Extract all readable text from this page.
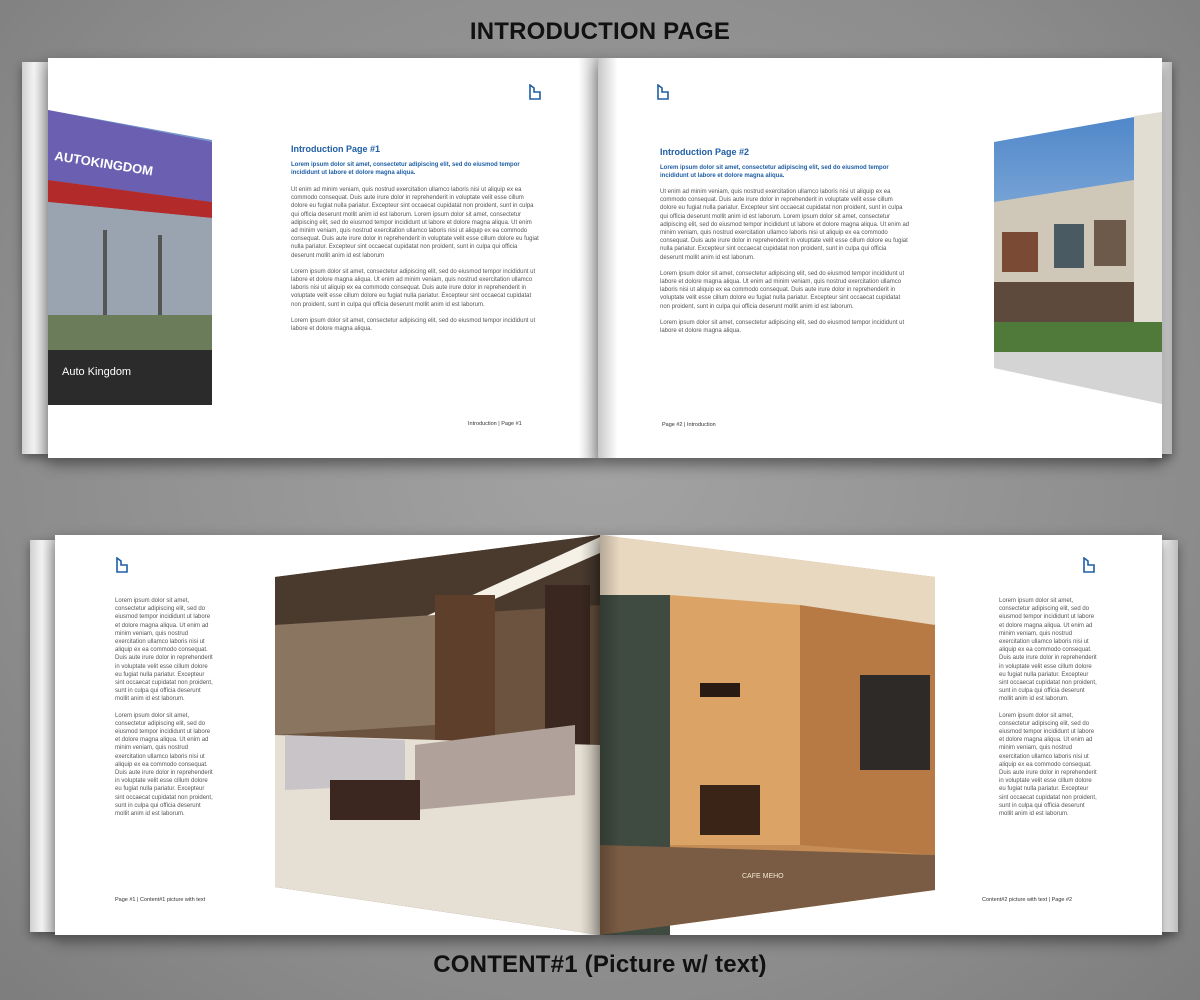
INTRODUCTION PAGE
CONTENT#1 (Picture w/ text)
AUTOKINGDOM
Auto Kingdom
Introduction Page #1
Lorem ipsum dolor sit amet, consectetur adipiscing elit, sed do eiusmod tempor incididunt ut labore et dolore magna aliqua.

Ut enim ad minim veniam, quis nostrud exercitation ullamco laboris nisi ut aliquip ex ea commodo consequat. Duis aute irure dolor in reprehenderit in voluptate velit esse cillum dolore eu fugiat nulla pariatur. Excepteur sint occaecat cupidatat non proident, sunt in culpa qui officia deserunt mollit anim id est laborum. Lorem ipsum dolor sit amet, consectetur adipiscing elit, sed do eiusmod tempor incididunt ut labore et dolore magna aliqua. Ut enim ad minim veniam, quis nostrud exercitation ullamco laboris nisi ut aliquip ex ea commodo consequat. Duis aute irure dolor in reprehenderit in voluptate velit esse cillum dolore eu fugiat nulla pariatur. Excepteur sint occaecat cupidatat non proident, sunt in culpa qui officia deserunt mollit anim id est laborum

Lorem ipsum dolor sit amet, consectetur adipiscing elit, sed do eiusmod tempor incididunt ut labore et dolore magna aliqua. Ut enim ad minim veniam, quis nostrud exercitation ullamco laboris nisi ut aliquip ex ea commodo consequat. Duis aute irure dolor in reprehenderit in voluptate velit esse cillum dolore eu fugiat nulla pariatur. Excepteur sint occaecat cupidatat non proident, sunt in culpa qui officia deserunt mollit anim id est laborum.

Lorem ipsum dolor sit amet, consectetur adipiscing elit, sed do eiusmod tempor incididunt ut labore et dolore magna aliqua.

Introduction | Page #1
Introduction Page #2
Lorem ipsum dolor sit amet, consectetur adipiscing elit, sed do eiusmod tempor incididunt ut labore et dolore magna aliqua.

Ut enim ad minim veniam, quis nostrud exercitation ullamco laboris nisi ut aliquip ex ea commodo consequat. Duis aute irure dolor in reprehenderit in voluptate velit esse cillum dolore eu fugiat nulla pariatur. Excepteur sint occaecat cupidatat non proident, sunt in culpa qui officia deserunt mollit anim id est laborum. Lorem ipsum dolor sit amet, consectetur adipiscing elit, sed do eiusmod tempor incididunt ut labore et dolore magna aliqua. Ut enim ad minim veniam, quis nostrud exercitation ullamco laboris nisi ut aliquip ex ea commodo consequat. Duis aute irure dolor in reprehenderit in voluptate velit esse cillum dolore eu fugiat nulla pariatur. Excepteur sint occaecat cupidatat non proident, sunt in culpa qui officia deserunt mollit anim id est laborum.

Lorem ipsum dolor sit amet, consectetur adipiscing elit, sed do eiusmod tempor incididunt ut labore et dolore magna aliqua. Ut enim ad minim veniam, quis nostrud exercitation ullamco laboris nisi ut aliquip ex ea commodo consequat. Duis aute irure dolor in reprehenderit in voluptate velit esse cillum dolore eu fugiat nulla pariatur. Excepteur sint occaecat cupidatat non proident, sunt in culpa qui officia deserunt mollit anim id est laborum.

Lorem ipsum dolor sit amet, consectetur adipiscing elit, sed do eiusmod tempor incididunt ut labore et dolore magna aliqua.

Page #2 | Introduction

Lorem ipsum dolor sit amet, consectetur adipiscing elit, sed do eiusmod tempor incididunt ut labore et dolore magna aliqua. Ut enim ad minim veniam, quis nostrud exercitation ullamco laboris nisi ut aliquip ex ea commodo consequat. Duis aute irure dolor in reprehenderit in voluptate velit esse cillum dolore eu fugiat nulla pariatur. Excepteur sint occaecat cupidatat non proident, sunt in culpa qui officia deserunt mollit anim id est laborum.

Lorem ipsum dolor sit amet, consectetur adipiscing elit, sed do eiusmod tempor incididunt ut labore et dolore magna aliqua. Ut enim ad minim veniam, quis nostrud exercitation ullamco laboris nisi ut aliquip ex ea commodo consequat. Duis aute irure dolor in reprehenderit in voluptate velit esse cillum dolore eu fugiat nulla pariatur. Excepteur sint occaecat cupidatat non proident, sunt in culpa qui officia deserunt mollit anim id est laborum.

Page #1 | Content#1 picture with text
CAFE MEHO

Lorem ipsum dolor sit amet, consectetur adipiscing elit, sed do eiusmod tempor incididunt ut labore et dolore magna aliqua. Ut enim ad minim veniam, quis nostrud exercitation ullamco laboris nisi ut aliquip ex ea commodo consequat. Duis aute irure dolor in reprehenderit in voluptate velit esse cillum dolore eu fugiat nulla pariatur. Excepteur sint occaecat cupidatat non proident, sunt in culpa qui officia deserunt mollit anim id est laborum.

Lorem ipsum dolor sit amet, consectetur adipiscing elit, sed do eiusmod tempor incididunt ut labore et dolore magna aliqua. Ut enim ad minim veniam, quis nostrud exercitation ullamco laboris nisi ut aliquip ex ea commodo consequat. Duis aute irure dolor in reprehenderit in voluptate velit esse cillum dolore eu fugiat nulla pariatur. Excepteur sint occaecat cupidatat non proident, sunt in culpa qui officia deserunt mollit anim id est laborum.

Content#2 picture with text | Page #2
